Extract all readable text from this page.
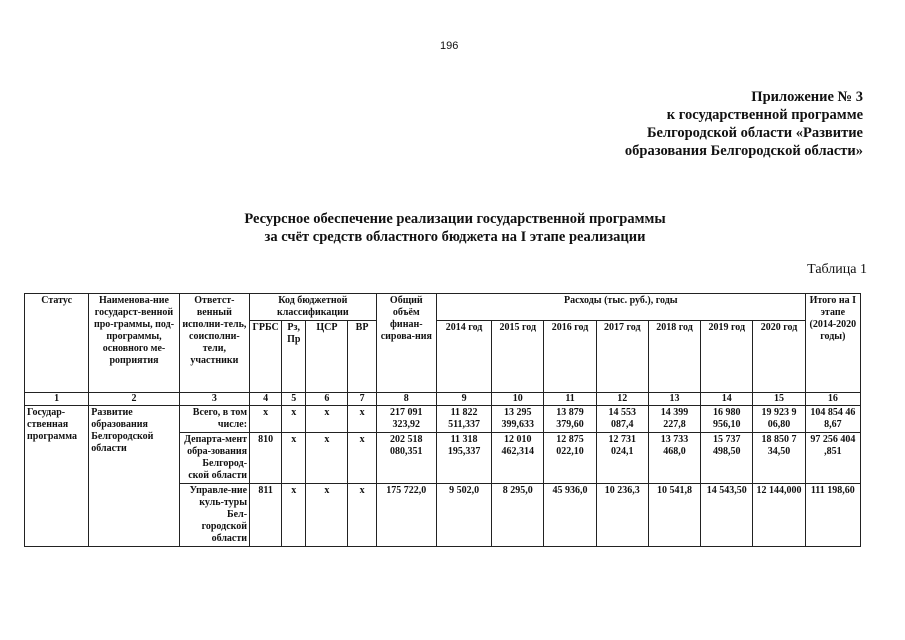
196
Приложение № 3
к государственной программе
Белгородской области «Развитие
образования Белгородской области»
Ресурсное обеспечение реализации государственной программы
за счёт средств областного бюджета на I этапе реализации
Таблица 1
Статус	Наименова-ние государст-венной про-граммы, под-программы, основного ме-роприятия	Ответст-венный исполни-тель, соисполни-тели, участники	Код бюджетной классификации				Общий объём финан-сирова-ния	Расходы (тыс. руб.), годы							Итого на I этапе (2014-2020 годы)
			ГРБС	Рз, Пр	ЦСР	ВР		2014 год	2015 год	2016 год	2017 год	2018 год	2019 год	2020 год	
1	2	3	4	5	6	7	8	9	10	11	12	13	14	15	16
Государ-ственная программа	Развитие образования Белгородской области	Всего, в том числе:	х	х	х	х	217 091 323,92	11 822 511,337	13 295 399,633	13 879 379,60	14 553 087,4	14 399 227,8	16 980 956,10	19 923 9 06,80	104 854 46 8,67
		Департа-мент обра-зования Белгород-ской области	810	х	х	х	202 518 080,351	11 318 195,337	12 010 462,314	12 875 022,10	12 731 024,1	13 733 468,0	15 737 498,50	18 850 7 34,50	97 256 404 ,851
		Управле-ние куль-туры Бел-городской области	811	х	х	х	175 722,0	9 502,0	8 295,0	45 936,0	10 236,3	10 541,8	14 543,50	12 144,000	111 198,60
